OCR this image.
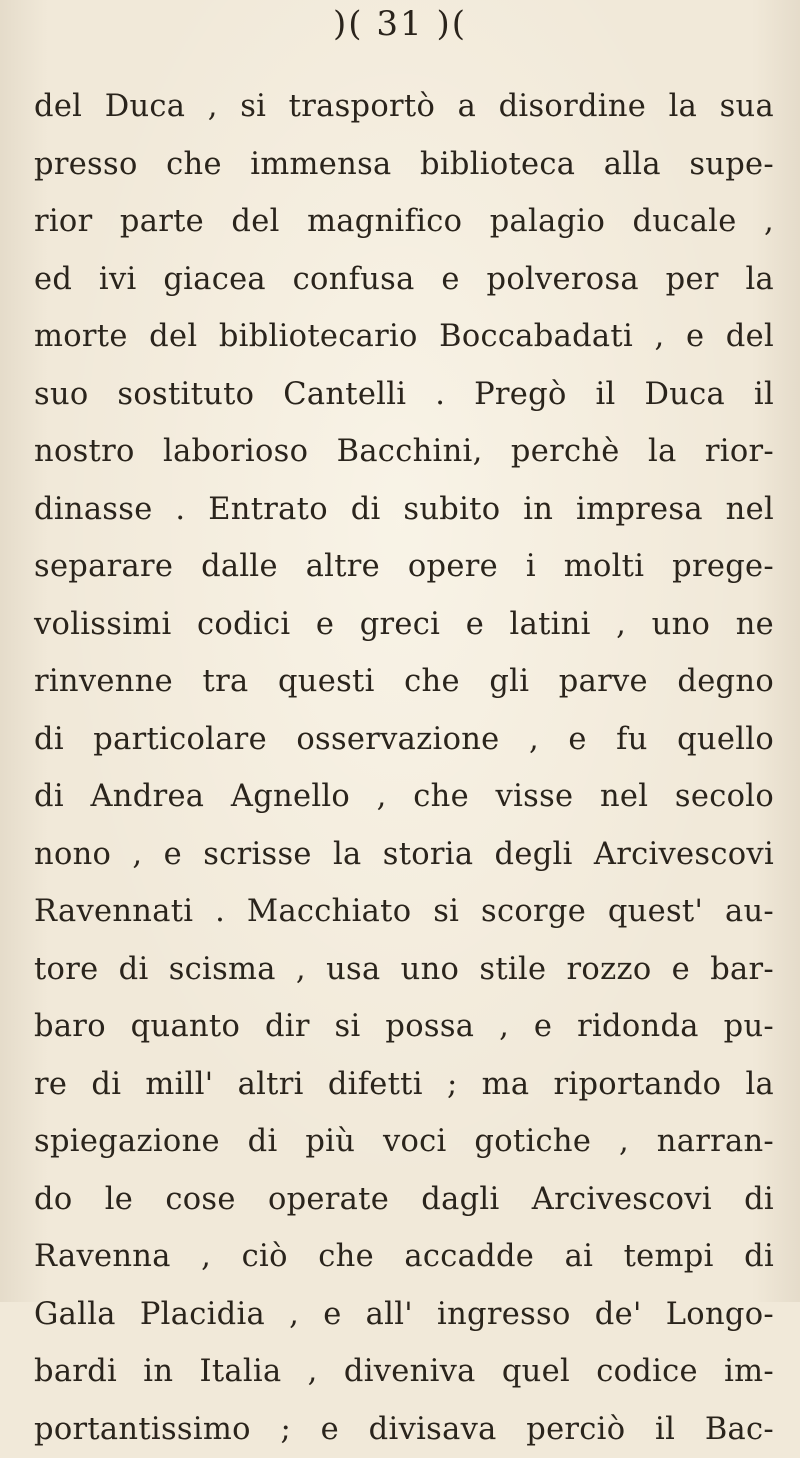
)( 31 )(
del Duca , si trasportò a disordine la sua
presso che immensa biblioteca alla supe-
rior parte del magnifico palagio ducale ,
ed ivi giacea confusa e polverosa per la
morte del bibliotecario Boccabadati , e del
suo sostituto Cantelli . Pregò il Duca il
nostro laborioso Bacchini, perchè la rior-
dinasse . Entrato di subito in impresa nel
separare dalle altre opere i molti prege-
volissimi codici e greci e latini , uno ne
rinvenne tra questi che gli parve degno
di particolare osservazione , e fu quello
di Andrea Agnello , che visse nel secolo
nono , e scrisse la storia degli Arcivescovi
Ravennati . Macchiato si scorge quest' au-
tore di scisma , usa uno stile rozzo e bar-
baro quanto dir si possa , e ridonda pu-
re di mill' altri difetti ; ma riportando la
spiegazione di più voci gotiche , narran-
do le cose operate dagli Arcivescovi di
Ravenna , ciò che accadde ai tempi di
Galla Placidia , e all' ingresso de' Longo-
bardi in Italia , diveniva quel codice im-
portantissimo ; e divisava perciò il Bac-
